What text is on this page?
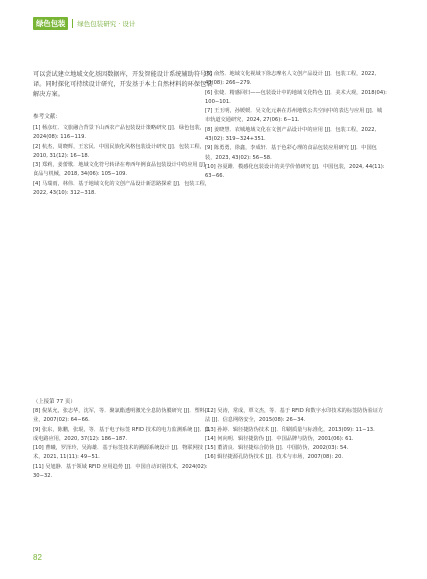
绿色包装	绿色包装研究 · 设计
可以尝试建立地域文化基因数据库，开发智能设计系统辅助符号转译。同时探化可持续设计研究，开发基于本土自然材料的环保包装解决方案。
参考文献：

[1] 杨彦红．文旅融合背景下山西农产品包装设计策略研究 [J]．绿色包装，2024(08): 116−119.

[2] 杭杰，周晓辉，王宏民．中国民族化风格包装设计研究 [J]．包装工程，2010, 31(12): 16−18.

[3] 郑莉，姜蕾歌．地域文化符号转译在粤西年例食品包装设计中的应用 [J]．食品与机械，2018, 34(06): 105−109.

[4] 马瑞雨，林伟．基于地域文化的文创产品设计新思路探索 [J]．包装工程，2022, 43(10): 312−318.

[5] 俞然．地域文化视域下徐志摩名人文创产品设计 [J]．包装工程，2022, 43(08): 266−279.

[6] 张婕．精感回归——包装设计中的地域文化特色 [J]．美术大观，2018(04): 100−101.

[7] 王玉明，孙媛媛．吴文化元素在苏州地铁公共空间中的表达与应用 [J]．城市轨道交通研究，2024, 27(06): 6−11.

[8] 姜晓慧．农城地域文化在文创产品设计中的应用 [J]．包装工程，2022, 43(02): 319−324+351.

[9] 陈勇勇，徐鑫，李成轩．基于色彩心理的食品包装应用研究 [J]．中国包装，2023, 43(02): 56−58.

[10] 谷夏雎．模感化包装设计的美学价值研究 [J]．中国包装，2024, 44(11): 63−66.

（上接第 77 页）

[8] 倪某允，张志华，沈军，等．聚氯酯透明激光全息防伪膜研究 [J]．塑料工业，2007(02): 64−66.

[9] 张东，陈鹏，张琨，等．基于电子标签 RFID 技术的电力监测系统 [J]．集成电路应用，2020, 37(12): 186−187.

[10] 曹曦，罗泽玲，吴海雄．基于标签技术的溯源系统设计 [J]．物联网技术，2021, 11(11): 49−51.

[11] 吴旭静．基于领域 RFID 应用趋势 [J]．中国自动识别技术，2024(02): 30−32.

[12] 吴涛，常成，覃文杰，等．基于 RFID 和数字水印技术的标签防伪验证方法 [J]．信息网络安全，2015(08): 26−34.

[13] 孙婷．辑径捷防伪技术 [J]．印刷质量与标准化，2013(09): 11−13.

[14] 何向明．辑径捷防伪 [J]．中国品牌与防伪，2001(06): 61.

[15] 董清良．辑径捷综合防伪 [J]．中国防伪，2002(03): 54.

[16] 辑径捷源孔防伪技术 [J]．技术与市场，2007(08): 20.

82
